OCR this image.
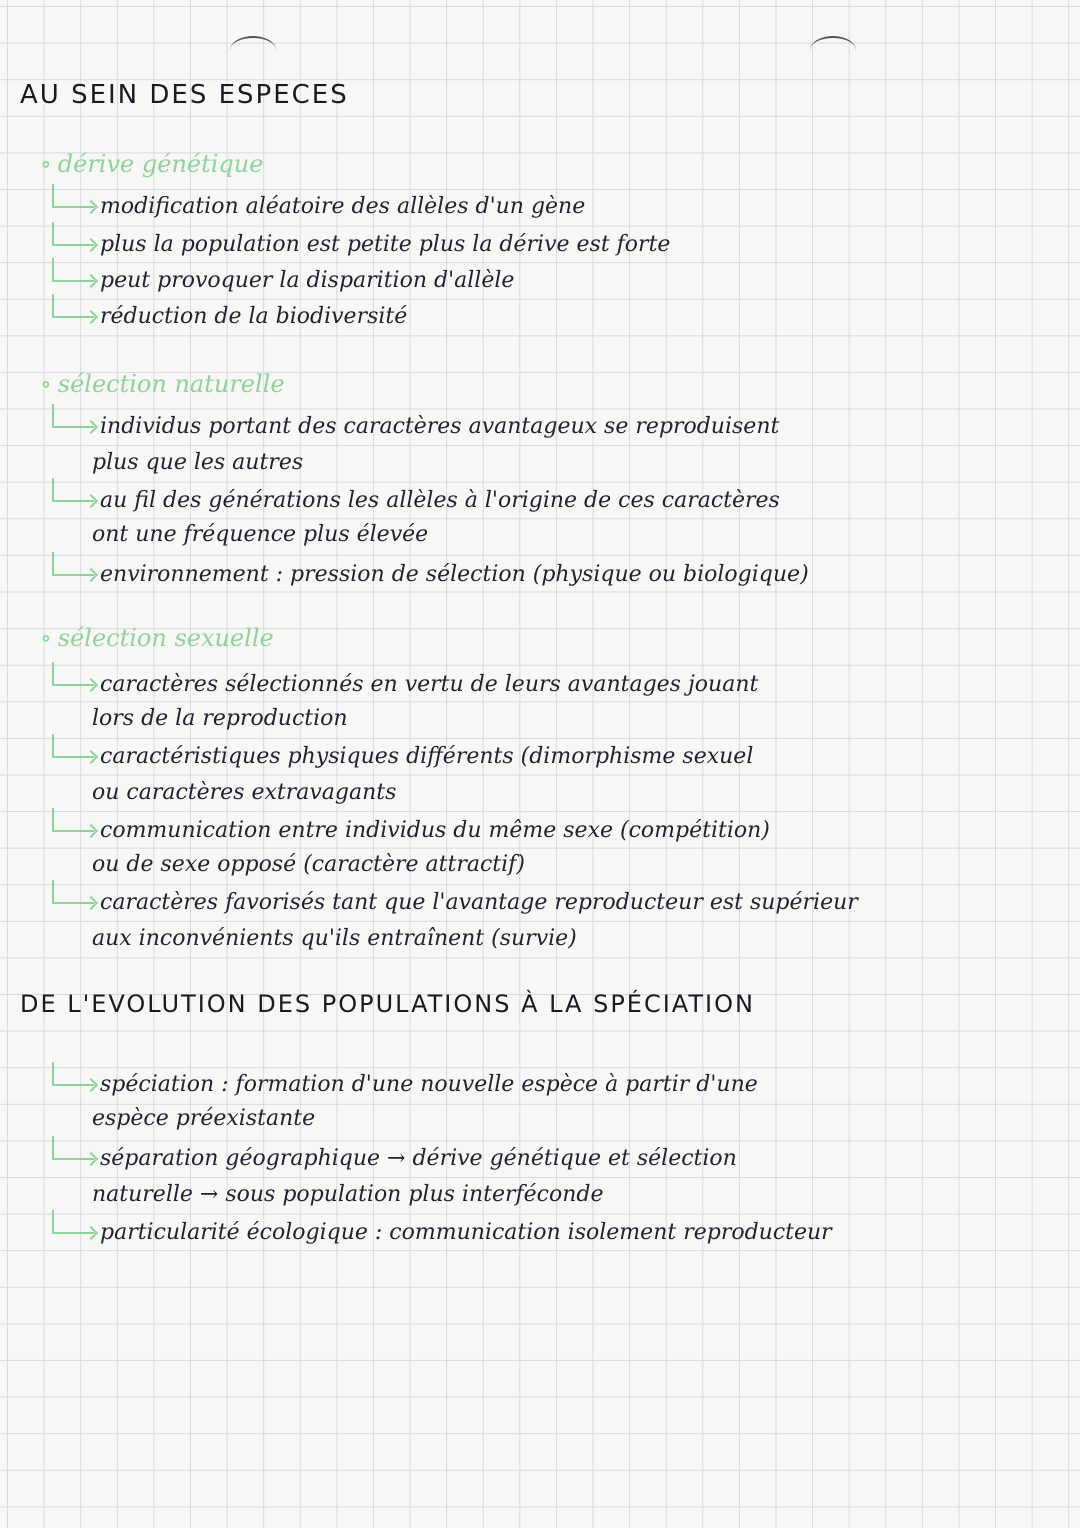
AU SEIN DES ESPECES
∘ dérive génétique
modification aléatoire des allèles d'un gène
plus la population est petite plus la dérive est forte
peut provoquer la disparition d'allèle
réduction de la biodiversité
∘ sélection naturelle
individus portant des caractères avantageux se reproduisent
plus que les autres
au fil des générations les allèles à l'origine de ces caractères
ont une fréquence plus élevée
environnement : pression de sélection (physique ou biologique)
∘ sélection sexuelle
caractères sélectionnés en vertu de leurs avantages jouant
lors de la reproduction
caractéristiques physiques différents (dimorphisme sexuel
ou caractères extravagants
communication entre individus du même sexe (compétition)
ou de sexe opposé (caractère attractif)
caractères favorisés tant que l'avantage reproducteur est supérieur
aux inconvénients qu'ils entraînent (survie)
DE L'EVOLUTION DES POPULATIONS À LA SPÉCIATION
spéciation : formation d'une nouvelle espèce à partir d'une
espèce préexistante
séparation géographique → dérive génétique et sélection
naturelle → sous population plus interféconde
particularité écologique : communication isolement reproducteur
